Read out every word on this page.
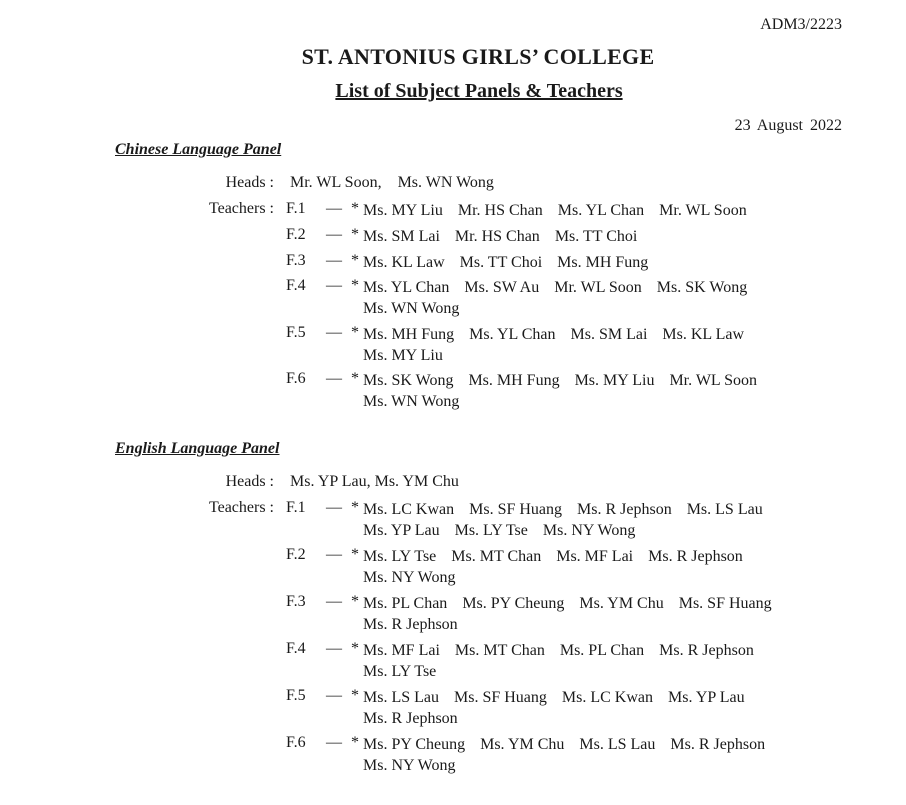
ADM3/2223
ST. ANTONIUS GIRLS’ COLLEGE
List of Subject Panels & Teachers
23 August 2022
Chinese Language Panel
Heads : Mr. WL Soon,    Ms. WN Wong
Teachers : F.1 — * Ms. MY Liu Mr. HS Chan Ms. YL Chan Mr. WL Soon
F.2 — * Ms. SM Lai Mr. HS Chan Ms. TT Choi
F.3 — * Ms. KL Law Ms. TT Choi Ms. MH Fung
F.4 — * Ms. YL Chan Ms. SW Au Mr. WL Soon Ms. SK WongMs. WN Wong
F.5 — * Ms. MH Fung Ms. YL Chan Ms. SM Lai Ms. KL LawMs. MY Liu
F.6 — * Ms. SK Wong Ms. MH Fung Ms. MY Liu Mr. WL SoonMs. WN Wong
English Language Panel
Heads : Ms. YP Lau, Ms. YM Chu
Teachers : F.1 — * Ms. LC Kwan Ms. SF Huang Ms. R Jephson Ms. LS LauMs. YP Lau Ms. LY Tse Ms. NY Wong
F.2 — * Ms. LY Tse Ms. MT Chan Ms. MF Lai Ms. R JephsonMs. NY Wong
F.3 — * Ms. PL Chan Ms. PY Cheung Ms. YM Chu Ms. SF HuangMs. R Jephson
F.4 — * Ms. MF Lai Ms. MT Chan Ms. PL Chan Ms. R JephsonMs. LY Tse
F.5 — * Ms. LS Lau Ms. SF Huang Ms. LC Kwan Ms. YP LauMs. R Jephson
F.6 — * Ms. PY Cheung Ms. YM Chu Ms. LS Lau Ms. R JephsonMs. NY Wong
